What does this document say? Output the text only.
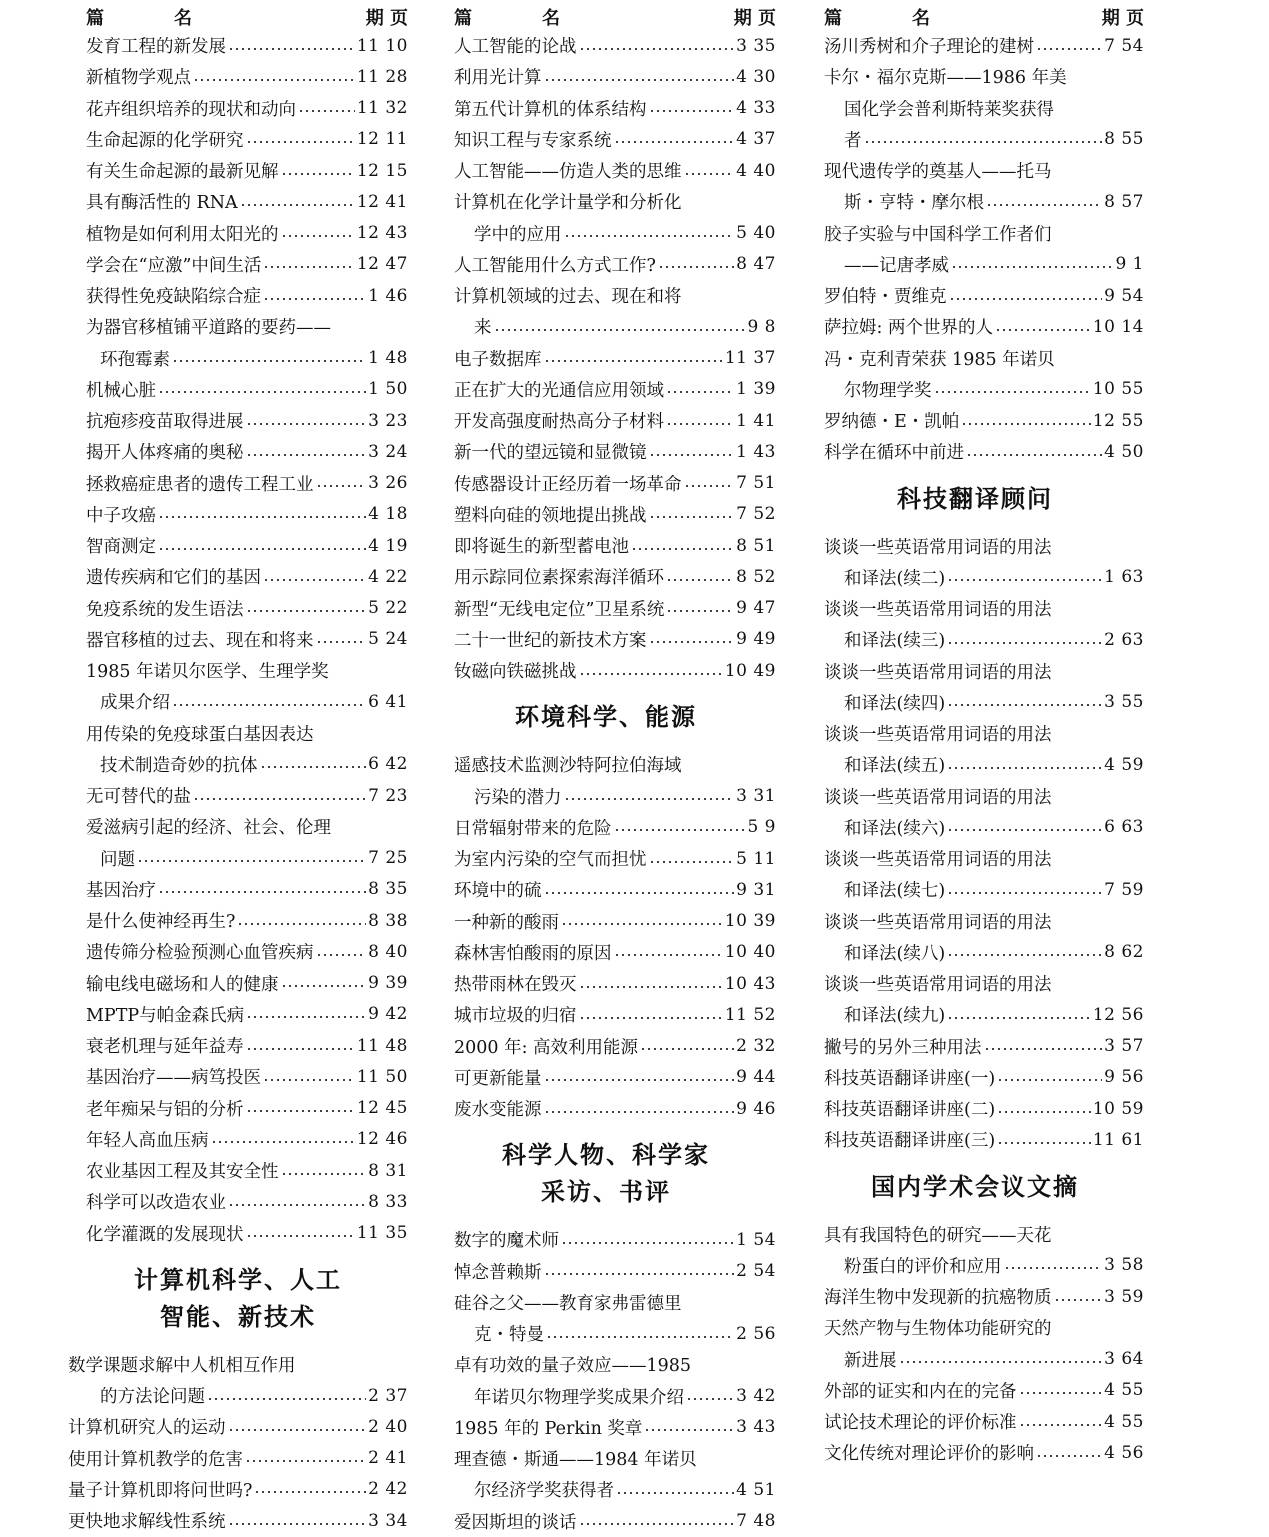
篇	名	期 页
发育工程的新发展	11 10
新植物学观点	11 28
花卉组织培养的现状和动向	11 32
生命起源的化学研究	12 11
有关生命起源的最新见解	12 15
具有酶活性的 RNA	12 41
植物是如何利用太阳光的	12 43
学会在“应激”中间生活	12 47
获得性免疫缺陷综合症	1 46
为器官移植铺平道路的要药——
环孢霉素	1 48
机械心脏	1 50
抗疱疹疫苗取得进展	3 23
揭开人体疼痛的奥秘	3 24
拯救癌症患者的遗传工程工业	3 26
中子攻癌	4 18
智商测定	4 19
遗传疾病和它们的基因	4 22
免疫系统的发生语法	5 22
器官移植的过去、现在和将来	5 24
1985 年诺贝尔医学、生理学奖
成果介绍	6 41
用传染的免疫球蛋白基因表达
技术制造奇妙的抗体	6 42
无可替代的盐	7 23
爱滋病引起的经济、社会、伦理
问题	7 25
基因治疗	8 35
是什么使神经再生?	8 38
遗传筛分检验预测心血管疾病	8 40
输电线电磁场和人的健康	9 39
MPTP与帕金森氏病	9 42
衰老机理与延年益寿	11 48
基因治疗——病笃投医	11 50
老年痴呆与铝的分析	12 45
年轻人高血压病	12 46
农业基因工程及其安全性	8 31
科学可以改造农业	8 33
化学灌溉的发展现状	11 35
计算机科学、人工
智能、新技术
数学课题求解中人机相互作用
的方法论问题	2 37
计算机研究人的运动	2 40
使用计算机教学的危害	2 41
量子计算机即将问世吗?	2 42
更快地求解线性系统	3 34
篇	名	期 页
人工智能的论战	3 35
利用光计算	4 30
第五代计算机的体系结构	4 33
知识工程与专家系统	4 37
人工智能——仿造人类的思维	4 40
计算机在化学计量学和分析化
学中的应用	5 40
人工智能用什么方式工作?	8 47
计算机领域的过去、现在和将
来	9 8
电子数据库	11 37
正在扩大的光通信应用领域	1 39
开发高强度耐热高分子材料	1 41
新一代的望远镜和显微镜	1 43
传感器设计正经历着一场革命	7 51
塑料向硅的领地提出挑战	7 52
即将诞生的新型蓄电池	8 51
用示踪同位素探索海洋循环	8 52
新型“无线电定位”卫星系统	9 47
二十一世纪的新技术方案	9 49
钕磁向铁磁挑战	10 49
环境科学、能源
遥感技术监测沙特阿拉伯海域
污染的潜力	3 31
日常辐射带来的危险	5 9
为室内污染的空气而担忧	5 11
环境中的硫	9 31
一种新的酸雨	10 39
森林害怕酸雨的原因	10 40
热带雨林在毁灭	10 43
城市垃圾的归宿	11 52
2000 年: 高效利用能源	2 32
可更新能量	9 44
废水变能源	9 46
科学人物、科学家
采访、书评
数字的魔术师	1 54
悼念普赖斯	2 54
硅谷之父——教育家弗雷德里
克・特曼	2 56
卓有功效的量子效应——1985
年诺贝尔物理学奖成果介绍	3 42
1985 年的 Perkin 奖章	3 43
理查德・斯通——1984 年诺贝
尔经济学奖获得者	4 51
爱因斯坦的谈话	7 48
篇	名	期 页
汤川秀树和介子理论的建树	7 54
卡尔・福尔克斯——1986 年美
国化学会普利斯特莱奖获得
者	8 55
现代遗传学的奠基人——托马
斯・亨特・摩尔根	8 57
胶子实验与中国科学工作者们
——记唐孝威	9 1
罗伯特・贾维克	9 54
萨拉姆: 两个世界的人	10 14
冯・克利青荣获 1985 年诺贝
尔物理学奖	10 55
罗纳德・E・凯帕	12 55
科学在循环中前进	4 50
科技翻译顾问
谈谈一些英语常用词语的用法
和译法(续二)	1 63
谈谈一些英语常用词语的用法
和译法(续三)	2 63
谈谈一些英语常用词语的用法
和译法(续四)	3 55
谈谈一些英语常用词语的用法
和译法(续五)	4 59
谈谈一些英语常用词语的用法
和译法(续六)	6 63
谈谈一些英语常用词语的用法
和译法(续七)	7 59
谈谈一些英语常用词语的用法
和译法(续八)	8 62
谈谈一些英语常用词语的用法
和译法(续九)	12 56
撇号的另外三种用法	3 57
科技英语翻译讲座(一)	9 56
科技英语翻译讲座(二)	10 59
科技英语翻译讲座(三)	11 61
国内学术会议文摘
具有我国特色的研究——天花
粉蛋白的评价和应用	3 58
海洋生物中发现新的抗癌物质	3 59
天然产物与生物体功能研究的
新进展	3 64
外部的证实和内在的完备	4 55
试论技术理论的评价标准	4 55
文化传统对理论评价的影响	4 56
